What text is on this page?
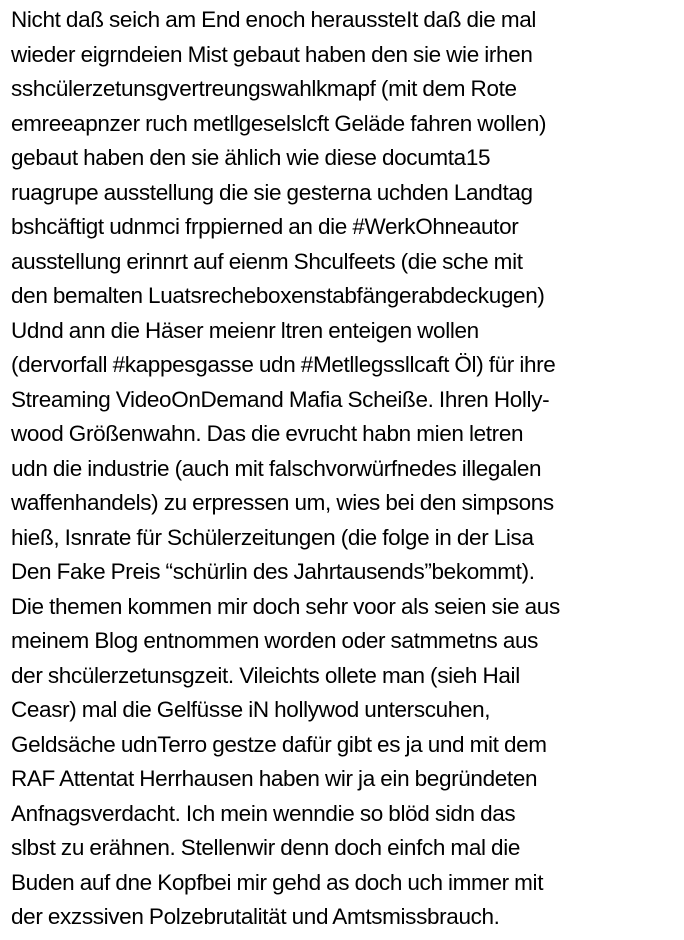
Nicht daß seich am End enoch heraussteIt daß die mal
wieder eigrndeien Mist gebaut haben den sie wie irhen
sshcülerzetunsgvertreungswahlkmapf (mit dem Rote
emreeapnzer ruch metllgeselslcft Geläde fahren wollen)
gebaut haben den sie ählich wie diese documta15
ruagrupe ausstellung die sie gesterna uchden Landtag
bshcäftigt udnmci frppierned an die #WerkOhneautor
ausstellung erinnrt auf eienm Shculfeets (die sche mit
den bemalten Luatsrecheboxenstabfängerabdeckugen)
Udnd ann die Häser meienr ltren enteigen wollen
(dervorfall #kappesgasse udn #Metllegssllcaft Öl) für ihre
Streaming VideoOnDemand Mafia Scheiße. Ihren Holly-
wood Größenwahn. Das die evrucht habn mien letren
udn die industrie (auch mit falschvorwürfnedes illegalen
waffenhandels) zu erpressen um, wies bei den simpsons
hieß, Isnrate für Schülerzeitungen (die folge in der Lisa
Den Fake Preis “schürlin des Jahrtausends”bekommt).
Die themen kommen mir doch sehr voor als seien sie aus
meinem Blog entnommen worden oder satmmetns aus
der shcülerzetunsgzeit. Vileichts ollete man (sieh Hail
Ceasr) mal die Gelfüsse iN hollywod unterscuhen,
Geldsäche udnTerro gestze dafür gibt es ja und mit dem
RAF Attentat Herrhausen haben wir ja ein begründeten
Anfnagsverdacht. Ich mein wenndie so blöd sidn das
slbst zu erähnen. Stellenwir denn doch einfch mal die
Buden auf dne Kopfbei mir gehd as doch uch immer mit
der exzssiven Polzebrutalität und Amtsmissbrauch.
